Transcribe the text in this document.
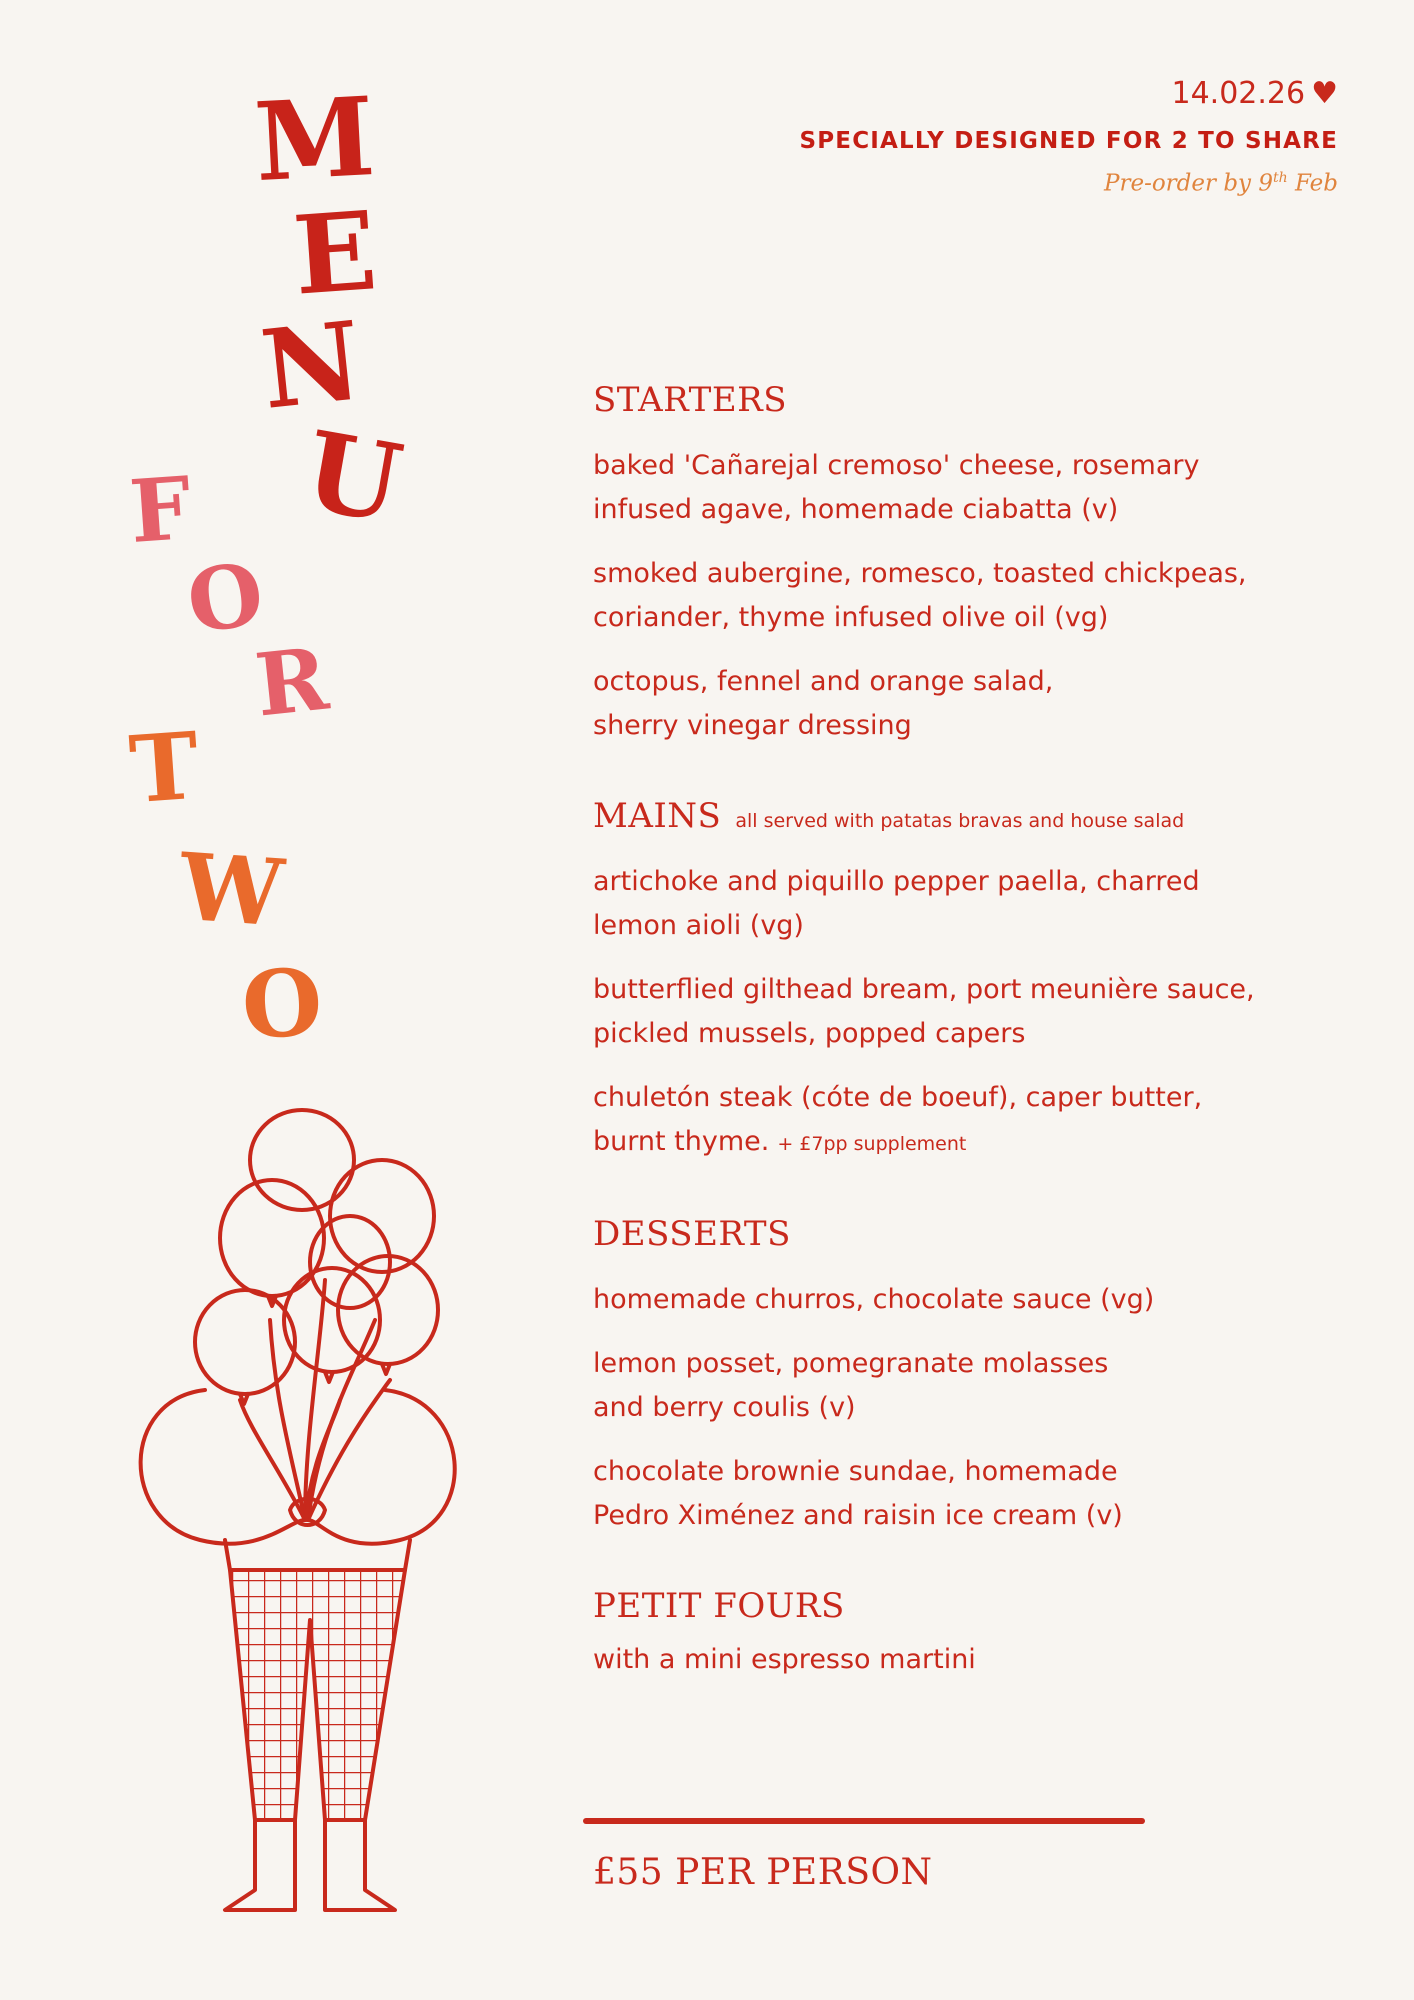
M
E
N
U
F
O
R
T
W
O
14.02.26 ♥
SPECIALLY DESIGNED FOR 2 TO SHARE
Pre-order by 9th Feb
STARTERS
baked 'Cañarejal cremoso' cheese, rosemary
infused agave, homemade ciabatta (v)
smoked aubergine, romesco, toasted chickpeas,
coriander, thyme infused olive oil (vg)
octopus, fennel and orange salad,
sherry vinegar dressing
MAINS all served with patatas bravas and house salad
artichoke and piquillo pepper paella, charred
lemon aioli (vg)
butterflied gilthead bream, port meunière sauce,
pickled mussels, popped capers
chuletón steak (cóte de boeuf), caper butter,
burnt thyme. + £7pp supplement
DESSERTS
homemade churros, chocolate sauce (vg)
lemon posset, pomegranate molasses
and berry coulis (v)
chocolate brownie sundae, homemade
Pedro Ximénez and raisin ice cream (v)
PETIT FOURS
with a mini espresso martini
£55 PER PERSON
